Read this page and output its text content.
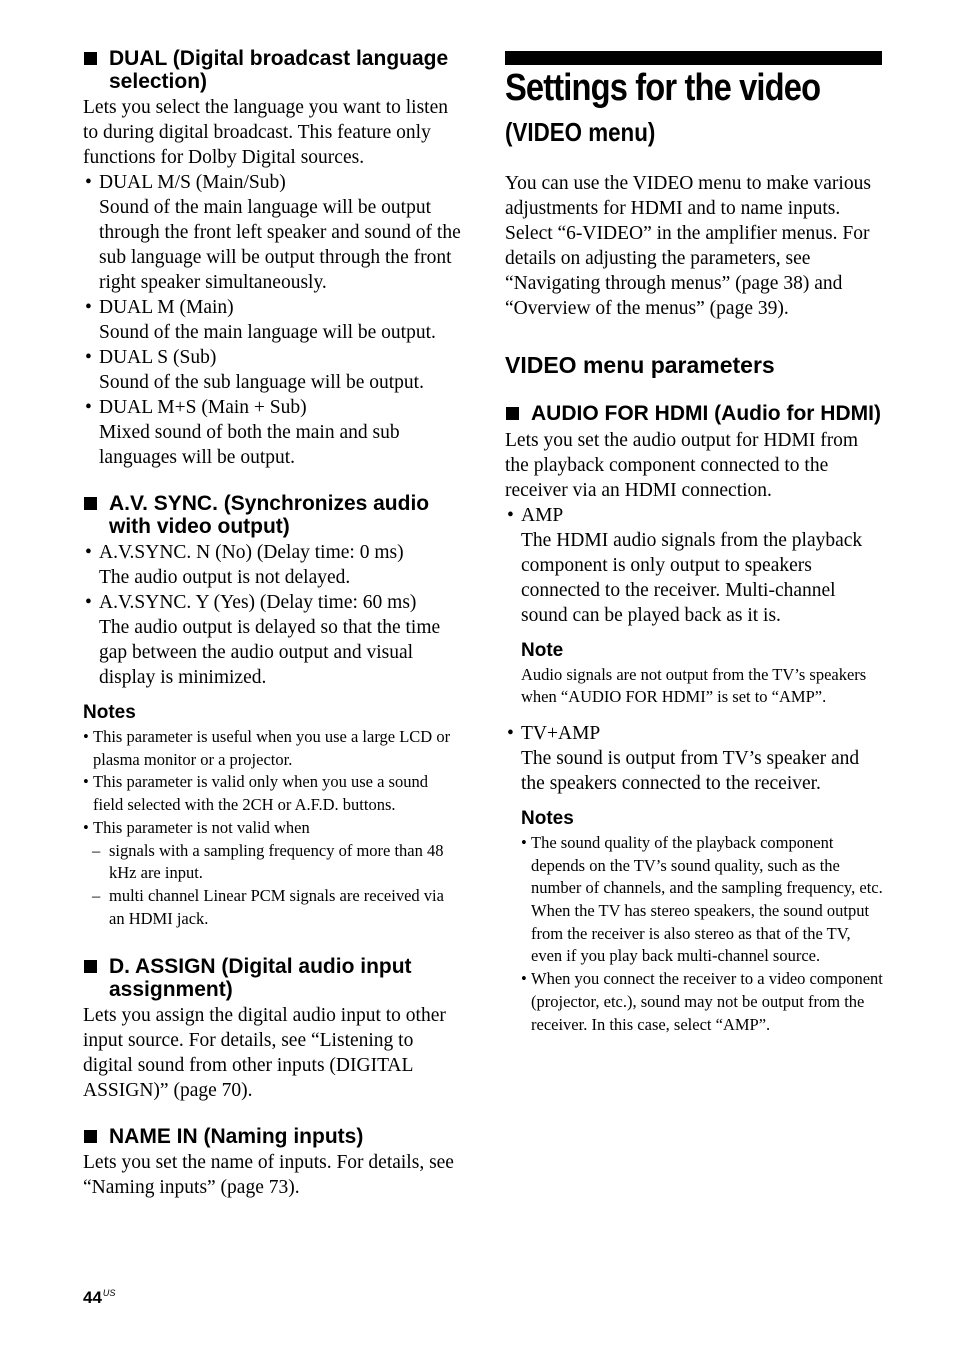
DUAL (Digital broadcast language selection)

Lets you select the language you want to listen to during digital broadcast. This feature only functions for Dolby Digital sources.

• DUAL M/S (Main/Sub)
Sound of the main language will be output through the front left speaker and sound of the sub language will be output through the front right speaker simultaneously.
• DUAL M (Main)
Sound of the main language will be output.
• DUAL S (Sub)
Sound of the sub language will be output.
• DUAL M+S (Main + Sub)
Mixed sound of both the main and sub languages will be output.
A.V. SYNC. (Synchronizes audio with video output)
• A.V.SYNC. N (No) (Delay time: 0 ms)
The audio output is not delayed.
• A.V.SYNC. Y (Yes) (Delay time: 60 ms)
The audio output is delayed so that the time gap between the audio output and visual display is minimized.
Notes
• This parameter is useful when you use a large LCD or plasma monitor or a projector.
• This parameter is valid only when you use a sound field selected with the 2CH or A.F.D. buttons.
• This parameter is not valid when
– signals with a sampling frequency of more than 48 kHz are input.
– multi channel Linear PCM signals are received via an HDMI jack.
D. ASSIGN (Digital audio input assignment)

Lets you assign the digital audio input to other input source. For details, see “Listening to digital sound from other inputs (DIGITAL ASSIGN)” (page 70).

NAME IN (Naming inputs)

Lets you set the name of inputs. For details, see “Naming inputs” (page 73).

Settings for the video
(VIDEO menu)

You can use the VIDEO menu to make various adjustments for HDMI and to name inputs. Select “6-VIDEO” in the amplifier menus. For details on adjusting the parameters, see “Navigating through menus” (page 38) and “Overview of the menus” (page 39).

VIDEO menu parameters
AUDIO FOR HDMI (Audio for HDMI)

Lets you set the audio output for HDMI from the playback component connected to the receiver via an HDMI connection.

• AMP
The HDMI audio signals from the playback component is only output to speakers connected to the receiver. Multi-channel sound can be played back as it is.
Note
Audio signals are not output from the TV’s speakers when “AUDIO FOR HDMI” is set to “AMP”.
• TV+AMP
The sound is output from TV’s speaker and the speakers connected to the receiver.
Notes
• The sound quality of the playback component depends on the TV’s sound quality, such as the number of channels, and the sampling frequency, etc. When the TV has stereo speakers, the sound output from the receiver is also stereo as that of the TV, even if you play back multi-channel source.
• When you connect the receiver to a video component (projector, etc.), sound may not be output from the receiver. In this case, select “AMP”.
$44^{US}$
